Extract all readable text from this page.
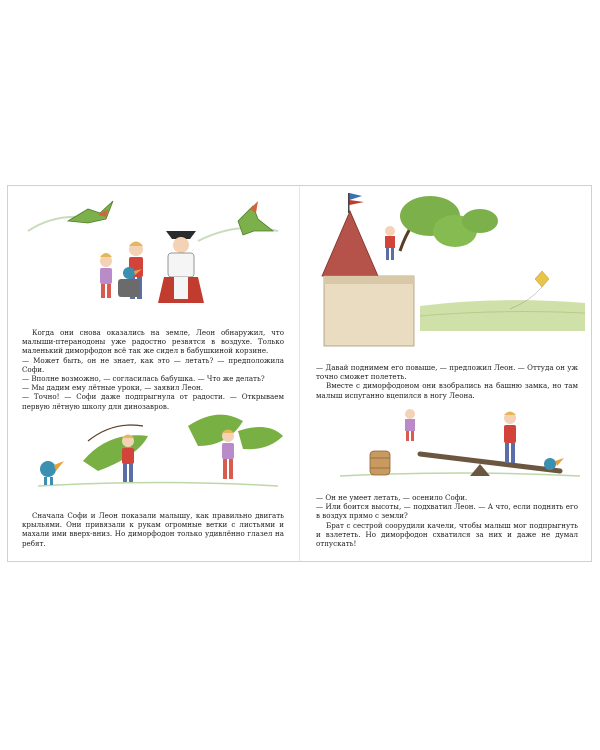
Когда они снова оказались на земле, Леон обнаружил, что малыши-птеранодоны уже радостно резвятся в воздухе. Только маленький диморфодон всё так же сидел в бабушкиной корзине.

— Может быть, он не знает, как это — летать? — предположила Софи.

— Вполне возможно, — согласилась бабушка. — Что же делать?

— Мы дадим ему лётные уроки, — заявил Леон.

— Точно! — Софи даже подпрыгнула от радости. — Открываем первую лётную школу для динозавров.

Сначала Софи и Леон показали малышу, как правильно двигать крыльями. Они привязали к рукам огромные ветки с листьями и махали ими вверх-вниз. Но диморфодон только удивлённо глазел на ребят.

— Давай поднимем его повыше, — предложил Леон. — Оттуда он уж точно сможет полететь.

Вместе с диморфодоном они взобрались на башню замка, но там малыш испуганно вцепился в ногу Леона.

— Он не умеет летать, — осенило Софи.

— Или боится высоты, — подхватил Леон. — А что, если поднять его в воздух прямо с земли?

Брат с сестрой соорудили качели, чтобы малыш мог подпрыгнуть и взлететь. Но диморфодон схватился за них и даже не думал отпускать!
